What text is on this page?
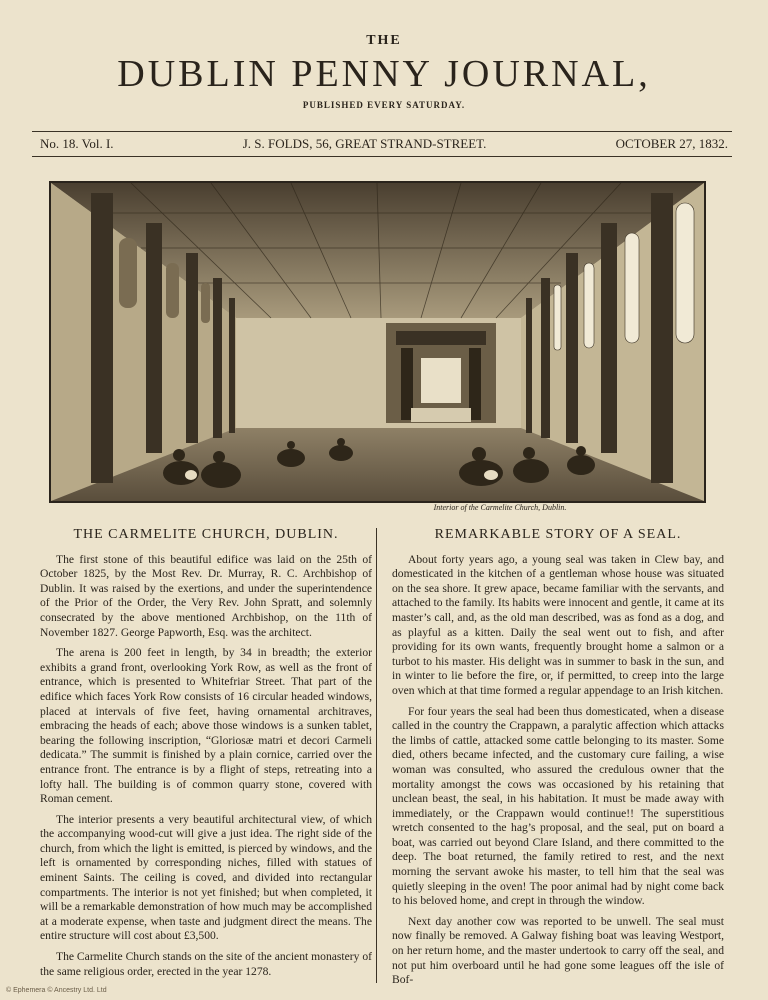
THE
DUBLIN PENNY JOURNAL,
PUBLISHED EVERY SATURDAY.
No. 18. Vol. I.	J. S. FOLDS, 56, GREAT STRAND-STREET.	OCTOBER 27, 1832.
Interior of the Carmelite Church, Dublin.
THE CARMELITE CHURCH, DUBLIN.

The first stone of this beautiful edifice was laid on the 25th of October 1825, by the Most Rev. Dr. Murray, R. C. Archbishop of Dublin. It was raised by the exertions, and under the superintendence of the Prior of the Order, the Very Rev. John Spratt, and solemnly consecrated by the above mentioned Archbishop, on the 11th of November 1827. George Papworth, Esq. was the architect.

The arena is 200 feet in length, by 34 in breadth; the exterior exhibits a grand front, overlooking York Row, as well as the front of entrance, which is presented to Whitefriar Street. That part of the edifice which faces York Row consists of 16 circular headed windows, placed at intervals of five feet, having ornamental architraves, embracing the heads of each; above those windows is a sunken tablet, bearing the following inscription, “Gloriosæ matri et decori Carmeli dedicata.” The summit is finished by a plain cornice, carried over the entrance front. The entrance is by a flight of steps, retreating into a lofty hall. The building is of common quarry stone, covered with Roman cement.

The interior presents a very beautiful architectural view, of which the accompanying wood-cut will give a just idea. The right side of the church, from which the light is emitted, is pierced by windows, and the left is ornamented by corresponding niches, filled with statues of eminent Saints. The ceiling is coved, and divided into rectangular compartments. The interior is not yet finished; but when completed, it will be a remarkable demonstration of how much may be accomplished at a moderate expense, when taste and judgment direct the means. The entire structure will cost about £3,500.

The Carmelite Church stands on the site of the ancient monastery of the same religious order, erected in the year 1278.

REMARKABLE STORY OF A SEAL.

About forty years ago, a young seal was taken in Clew bay, and domesticated in the kitchen of a gentleman whose house was situated on the sea shore. It grew apace, became familiar with the servants, and attached to the family. Its habits were innocent and gentle, it came at its master’s call, and, as the old man described, was as fond as a dog, and as playful as a kitten. Daily the seal went out to fish, and after providing for its own wants, frequently brought home a salmon or a turbot to his master. His delight was in summer to bask in the sun, and in winter to lie before the fire, or, if permitted, to creep into the large oven which at that time formed a regular appendage to an Irish kitchen.

For four years the seal had been thus domesticated, when a disease called in the country the Crappawn, a paralytic affection which attacks the limbs of cattle, attacked some cattle belonging to its master. Some died, others became infected, and the customary cure failing, a wise woman was consulted, who assured the credulous owner that the mortality amongst the cows was occasioned by his retaining that unclean beast, the seal, in his habitation. It must be made away with immediately, or the Crappawn would continue!! The superstitious wretch consented to the hag’s proposal, and the seal, put on board a boat, was carried out beyond Clare Island, and there committed to the deep. The boat returned, the family retired to rest, and the next morning the servant awoke his master, to tell him that the seal was quietly sleeping in the oven! The poor animal had by night come back to his beloved home, and crept in through the window.

Next day another cow was reported to be unwell. The seal must now finally be removed. A Galway fishing boat was leaving Westport, on her return home, and the master undertook to carry off the seal, and not put him overboard until he had gone some leagues off the isle of Bof-

© Ephemera © Ancestry Ltd. Ltd
